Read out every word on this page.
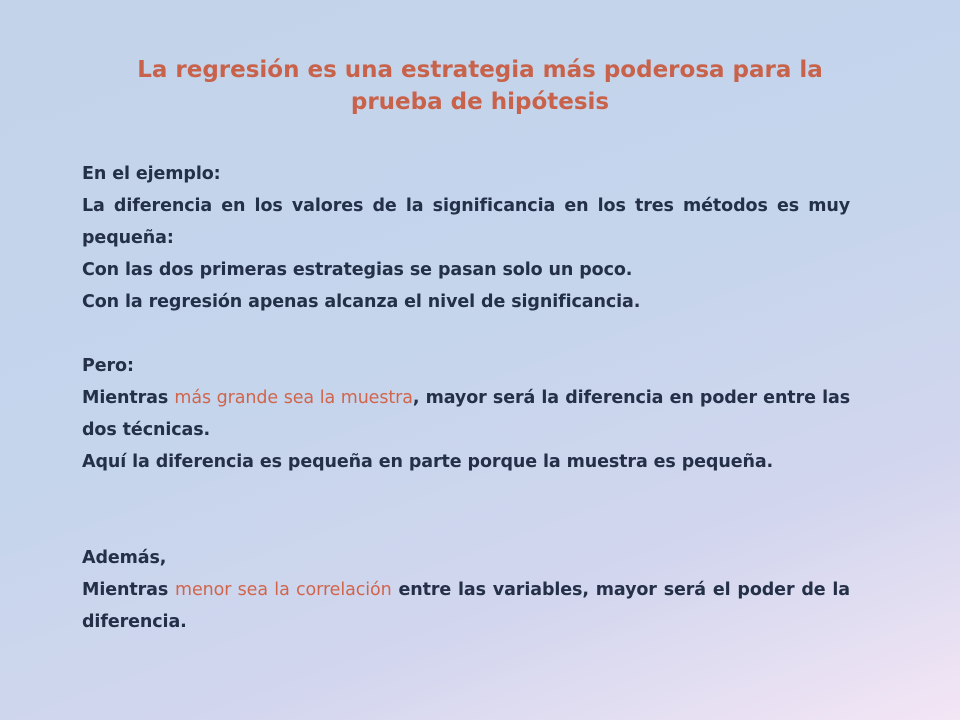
La regresión es una estrategia más poderosa para la
prueba de hipótesis

En el ejemplo:

La diferencia en los valores de la significancia en los tres métodos es muy pequeña:

Con las dos primeras estrategias se pasan solo un poco.

Con la regresión apenas alcanza el nivel de significancia.

Pero:

Mientras más grande sea la muestra, mayor será la diferencia en poder entre las dos técnicas.

Aquí la diferencia es pequeña en parte porque la muestra es pequeña.

Además,

Mientras menor sea la correlación entre las variables, mayor será el poder de la diferencia.
